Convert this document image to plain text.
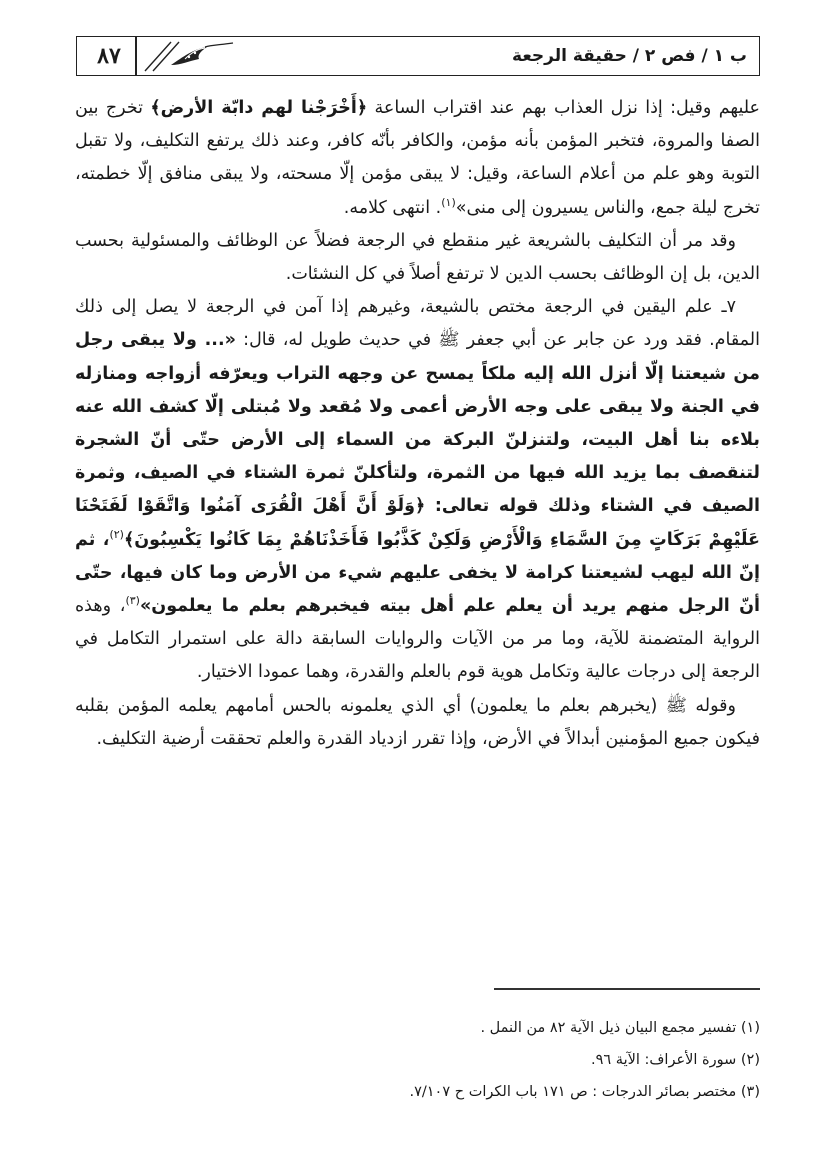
٨٧	ب ١ / فص ٢ / حقيقة الرجعة

عليهم وقيل: إذا نزل العذاب بهم عند اقتراب الساعة ﴿أَخْرَجْنا لهم دابّة الأرض﴾ تخرج بين الصفا والمروة، فتخبر المؤمن بأنه مؤمن، والكافر بأنّه كافر، وعند ذلك يرتفع التكليف، ولا تقبل التوبة وهو علم من أعلام الساعة، وقيل: لا يبقى مؤمن إلّا مسحته، ولا يبقى منافق إلّا خطمته، تخرج ليلة جمع، والناس يسيرون إلى منى»$^{(١)}$. انتهى كلامه.

وقد مر أن التكليف بالشريعة غير منقطع في الرجعة فضلاً عن الوظائف والمسئولية بحسب الدين، بل إن الوظائف بحسب الدين لا ترتفع أصلاً في كل النشئات.

٧ـ علم اليقين في الرجعة مختص بالشيعة، وغيرهم إذا آمن في الرجعة لا يصل إلى ذلك المقام. فقد ورد عن جابر عن أبي جعفر ﷺ في حديث طويل له، قال: «... ولا يبقى رجل من شيعتنا إلّا أنزل الله إليه ملكاً يمسح عن وجهه التراب ويعرّفه أزواجه ومنازله في الجنة ولا يبقى على وجه الأرض أعمى ولا مُقعد ولا مُبتلى إلّا كشف الله عنه بلاءه بنا أهل البيت، ولتنزلنّ البركة من السماء إلى الأرض حتّى أنّ الشجرة لتنقصف بما يزيد الله فيها من الثمرة، ولتأكلنّ ثمرة الشتاء في الصيف، وثمرة الصيف في الشتاء وذلك قوله تعالى: ﴿وَلَوْ أَنَّ أَهْلَ الْقُرَى آمَنُوا وَاتَّقَوْا لَفَتَحْنَا عَلَيْهِمْ بَرَكَاتٍ مِنَ السَّمَاءِ وَالْأَرْضِ وَلَكِنْ كَذَّبُوا فَأَخَذْنَاهُمْ بِمَا كَانُوا يَكْسِبُونَ﴾$^{(٢)}$، ثم إنّ الله ليهب لشيعتنا كرامة لا يخفى عليهم شيء من الأرض وما كان فيها، حتّى أنّ الرجل منهم يريد أن يعلم علم أهل بيته فيخبرهم بعلم ما يعلمون»$^{(٣)}$، وهذه الرواية المتضمنة للآية، وما مر من الآيات والروايات السابقة دالة على استمرار التكامل في الرجعة إلى درجات عالية وتكامل هوية قوم بالعلم والقدرة، وهما عمودا الاختيار.

وقوله ﷺ (يخبرهم بعلم ما يعلمون) أي الذي يعلمونه بالحس أمامهم يعلمه المؤمن بقلبه فيكون جميع المؤمنين أبدالاً في الأرض، وإذا تقرر ازدياد القدرة والعلم تحققت أرضية التكليف.

(١) تفسير مجمع البيان ذيل الآية ٨٢ من النمل .
(٢) سورة الأعراف: الآية ٩٦.
(٣) مختصر بصائر الدرجات : ص ١٧١ باب الكرات ح ٧/١٠٧.
